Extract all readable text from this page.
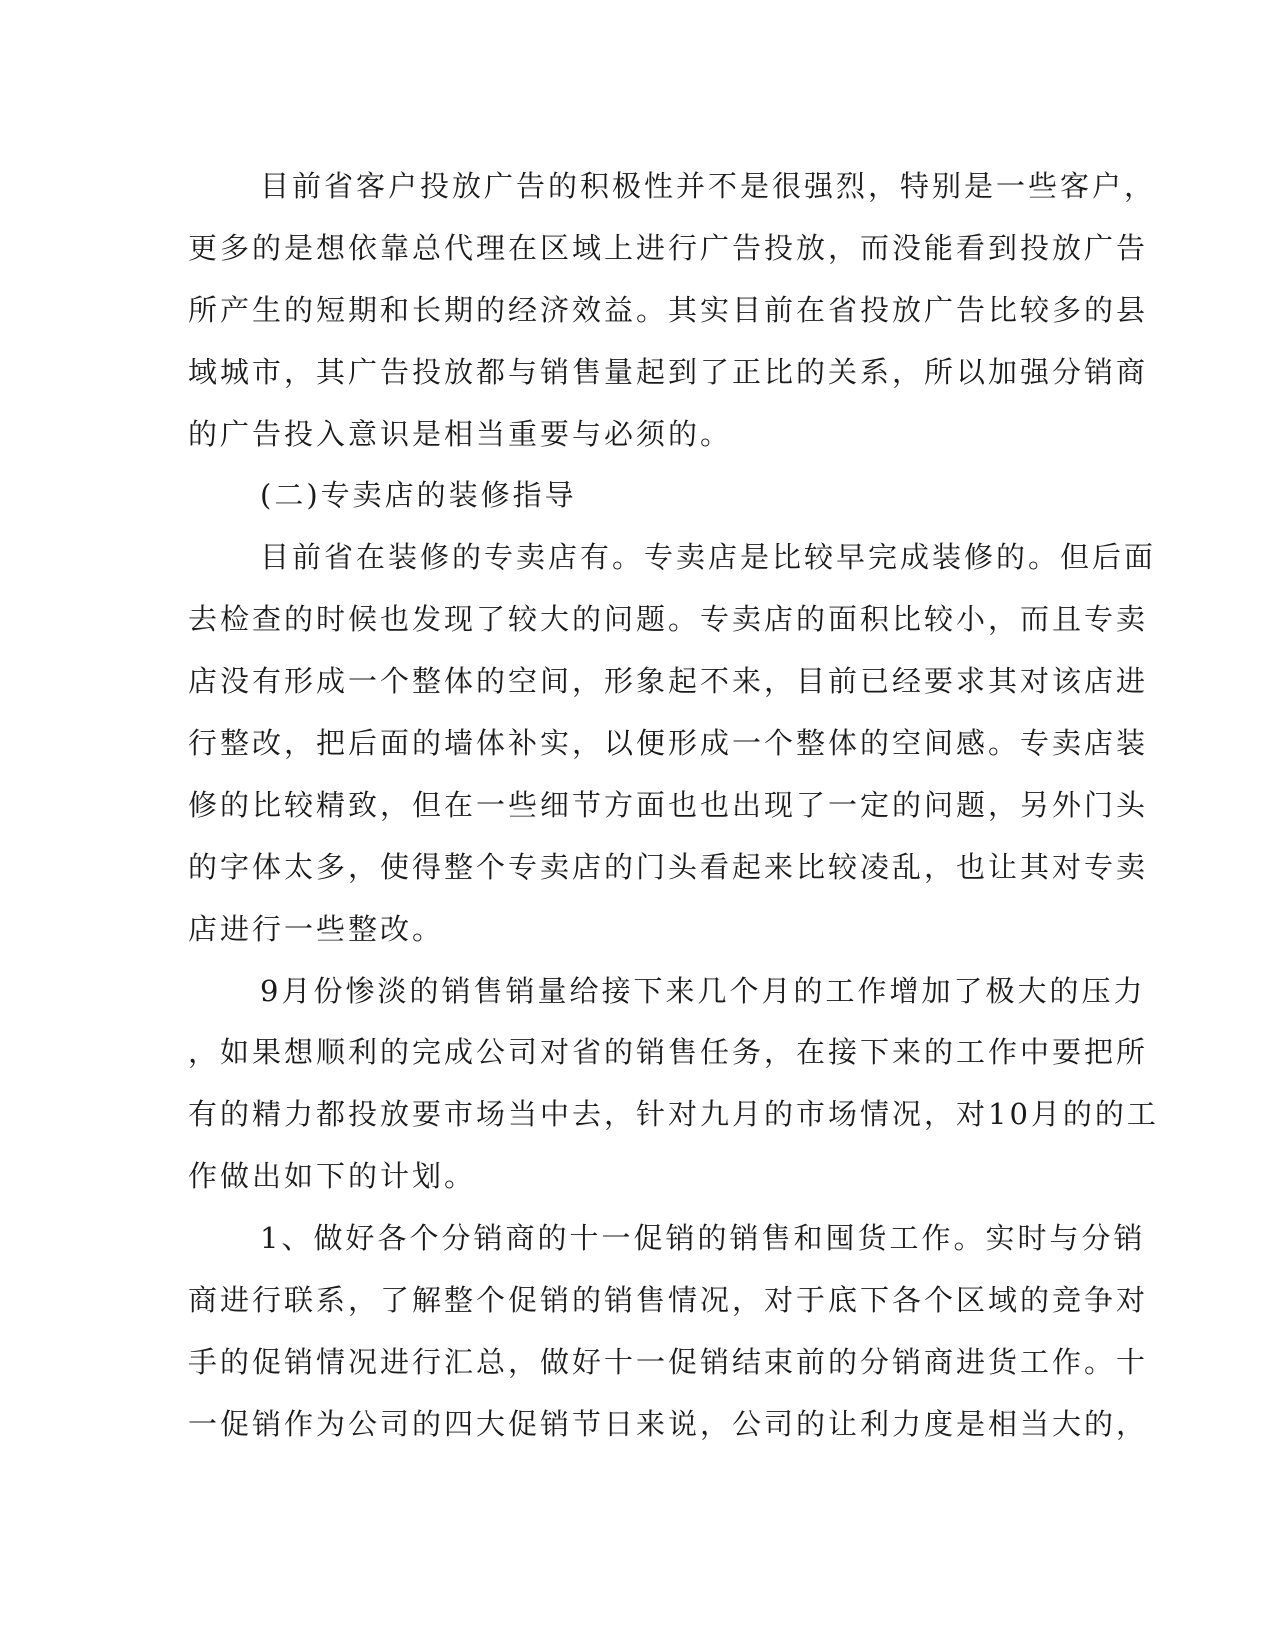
目前省客户投放广告的积极性并不是很强烈，特别是一些客户，
更多的是想依靠总代理在区域上进行广告投放，而没能看到投放广告
所产生的短期和长期的经济效益。其实目前在省投放广告比较多的县
域城市，其广告投放都与销售量起到了正比的关系，所以加强分销商
的广告投入意识是相当重要与必须的。
(二)专卖店的装修指导
目前省在装修的专卖店有。专卖店是比较早完成装修的。但后面
去检查的时候也发现了较大的问题。专卖店的面积比较小，而且专卖
店没有形成一个整体的空间，形象起不来，目前已经要求其对该店进
行整改，把后面的墙体补实，以便形成一个整体的空间感。专卖店装
修的比较精致，但在一些细节方面也也出现了一定的问题，另外门头
的字体太多，使得整个专卖店的门头看起来比较凌乱，也让其对专卖
店进行一些整改。
9月份惨淡的销售销量给接下来几个月的工作增加了极大的压力
，如果想顺利的完成公司对省的销售任务，在接下来的工作中要把所
有的精力都投放要市场当中去，针对九月的市场情况，对10月的的工
作做出如下的计划。
1、做好各个分销商的十一促销的销售和囤货工作。实时与分销
商进行联系，了解整个促销的销售情况，对于底下各个区域的竞争对
手的促销情况进行汇总，做好十一促销结束前的分销商进货工作。十
一促销作为公司的四大促销节日来说，公司的让利力度是相当大的，
